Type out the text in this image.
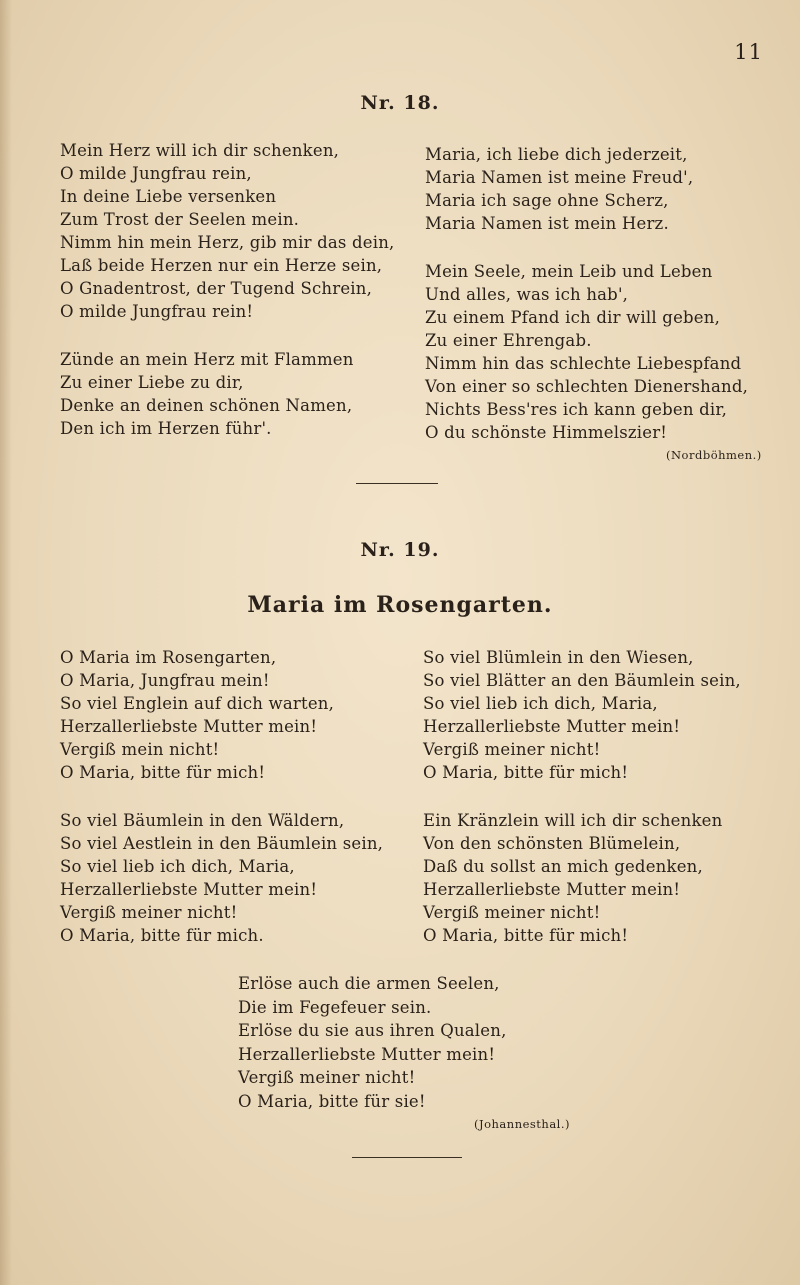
11
Nr. 18.
Mein Herz will ich dir schenken,
O milde Jungfrau rein,
In deine Liebe versenken
Zum Trost der Seelen mein.
Nimm hin mein Herz, gib mir das dein,
Laß beide Herzen nur ein Herze sein,
O Gnadentrost, der Tugend Schrein,
O milde Jungfrau rein!
Zünde an mein Herz mit Flammen
Zu einer Liebe zu dir,
Denke an deinen schönen Namen,
Den ich im Herzen führ'.
Maria, ich liebe dich jederzeit,
Maria Namen ist meine Freud',
Maria ich sage ohne Scherz,
Maria Namen ist mein Herz.
Mein Seele, mein Leib und Leben
Und alles, was ich hab',
Zu einem Pfand ich dir will geben,
Zu einer Ehrengab.
Nimm hin das schlechte Liebespfand
Von einer so schlechten Dienershand,
Nichts Bess'res ich kann geben dir,
O du schönste Himmelszier!
(Nordböhmen.)
Nr. 19.
Maria im Rosengarten.
O Maria im Rosengarten,
O Maria, Jungfrau mein!
So viel Englein auf dich warten,
Herzallerliebste Mutter mein!
Vergiß mein nicht!
O Maria, bitte für mich!
So viel Bäumlein in den Wäldern,
So viel Aestlein in den Bäumlein sein,
So viel lieb ich dich, Maria,
Herzallerliebste Mutter mein!
Vergiß meiner nicht!
O Maria, bitte für mich.
So viel Blümlein in den Wiesen,
So viel Blätter an den Bäumlein sein,
So viel lieb ich dich, Maria,
Herzallerliebste Mutter mein!
Vergiß meiner nicht!
O Maria, bitte für mich!
Ein Kränzlein will ich dir schenken
Von den schönsten Blümelein,
Daß du sollst an mich gedenken,
Herzallerliebste Mutter mein!
Vergiß meiner nicht!
O Maria, bitte für mich!
Erlöse auch die armen Seelen,
Die im Fegefeuer sein.
Erlöse du sie aus ihren Qualen,
Herzallerliebste Mutter mein!
Vergiß meiner nicht!
O Maria, bitte für sie!
(Johannesthal.)
